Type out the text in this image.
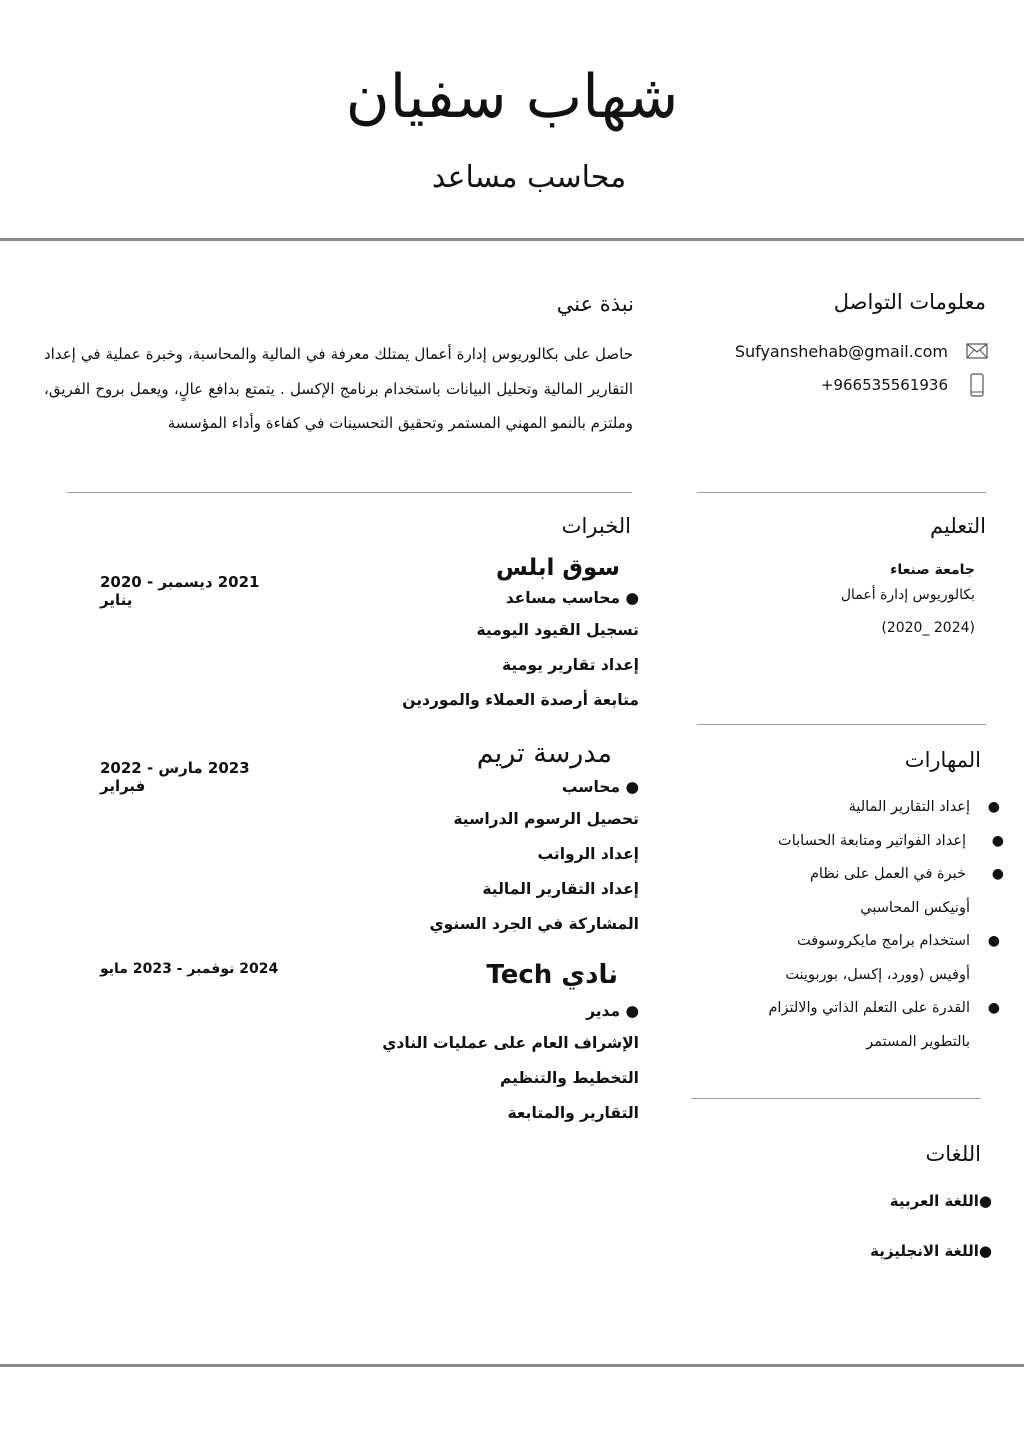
شهاب سفيان
محاسب مساعد
معلومات التواصل
Sufyanshehab@gmail.com
+966535561936
نبذة عني
حاصل على بكالوريوس إدارة أعمال يمتلك معرفة في المالية والمحاسبة، وخبرة عملية في إعداد التقارير المالية وتحليل البيانات باستخدام برنامج الإكسل . يتمتع بدافع عالٍ، ويعمل بروح الفريق، وملتزم بالنمو المهني المستمر وتحقيق التحسينات في كفاءة وأداء المؤسسة
التعليم
جامعة صنعاء
بكالوريوس إدارة أعمال
(2020_ 2024)
المهارات
●
إعداد التقارير المالية
●
إعداد الفواتير ومتابعة الحسابات
●
خبرة في العمل على نظام
أونيكس المحاسبي
●
استخدام برامج مايكروسوفت
أوفيس (وورد، إكسل، بوربوينت
●
القدرة على التعلم الذاتي والالتزام
بالتطوير المستمر
اللغات
●اللغة العربية
●اللغة الانجليزية
الخبرات
سوق ابلس
2021 ديسمبر - 2020 يناير	● محاسب مساعد
تسجيل القيود اليومية
إعداد تقارير يومية
متابعة أرصدة العملاء والموردين
مدرسة تريم
2023 مارس - 2022 فبراير	● محاسب
تحصيل الرسوم الدراسية
إعداد الرواتب
إعداد التقارير المالية
المشاركة في الجرد السنوي
نادي Tech
2024 نوفمبر - 2023 مايو
● مدير
الإشراف العام على عمليات النادي
التخطيط والتنظيم
التقارير والمتابعة
